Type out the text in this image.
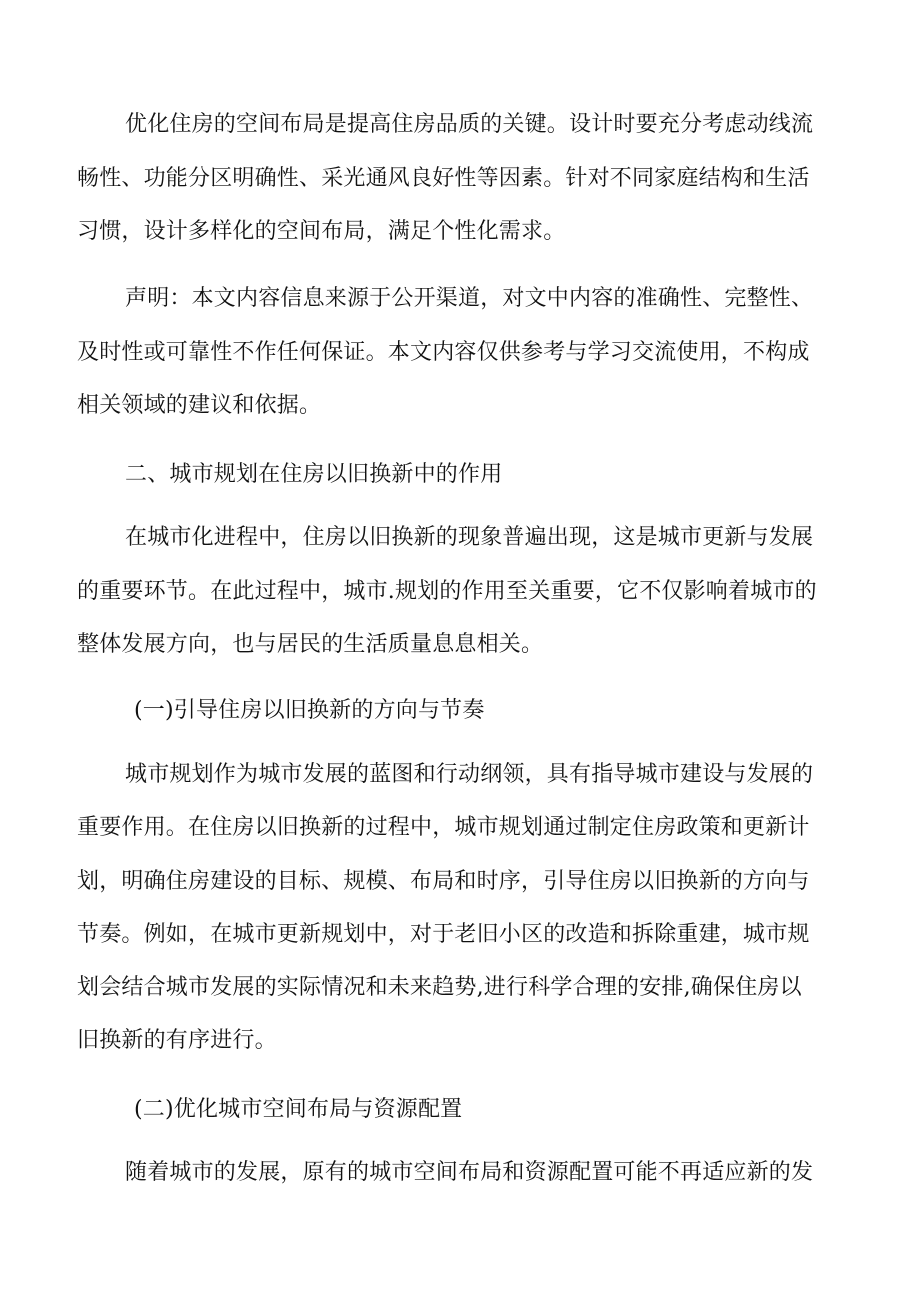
优化住房的空间布局是提高住房品质的关键。设计时要充分考虑动线流
畅性、功能分区明确性、采光通风良好性等因素。针对不同家庭结构和生活
习惯，设计多样化的空间布局，满足个性化需求。
声明：本文内容信息来源于公开渠道，对文中内容的准确性、完整性、
及时性或可靠性不作任何保证。本文内容仅供参考与学习交流使用，不构成
相关领域的建议和依据。
二、城市规划在住房以旧换新中的作用
在城市化进程中，住房以旧换新的现象普遍出现，这是城市更新与发展
的重要环节。在此过程中，城市.规划的作用至关重要，它不仅影响着城市的
整体发展方向，也与居民的生活质量息息相关。
(一)引导住房以旧换新的方向与节奏
城市规划作为城市发展的蓝图和行动纲领，具有指导城市建设与发展的
重要作用。在住房以旧换新的过程中，城市规划通过制定住房政策和更新计
划，明确住房建设的目标、规模、布局和时序，引导住房以旧换新的方向与
节奏。例如，在城市更新规划中，对于老旧小区的改造和拆除重建，城市规
划会结合城市发展的实际情况和未来趋势,进行科学合理的安排,确保住房以
旧换新的有序进行。
(二)优化城市空间布局与资源配置
随着城市的发展，原有的城市空间布局和资源配置可能不再适应新的发
